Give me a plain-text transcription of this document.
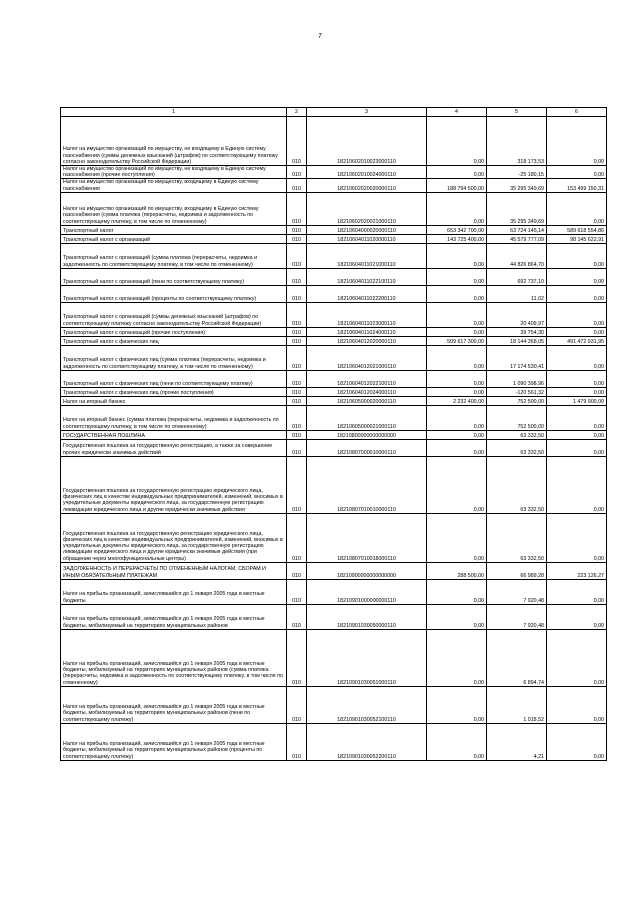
7
1	2	3	4	5	6
Налог на имущество организаций по имуществу, не входящему в Единую систему газоснабжения (суммы денежных взысканий (штрафов) по соответствующему платежу согласно законодательству Российской Федерации)	010	18210602010023000110	0,00	318 173,53	0,00
Налог на имущество организаций по имуществу, не входящему в Единую систему газоснабжения (прочие поступления)	010	18210602010024000110	0,00	-25 180,15	0,00
Налог на имущество организаций по имуществу, входящему в Единую систему газоснабжения	010	18210602020020000110	188 794 500,00	35 295 349,69	153 499 150,31
Налог на имущество организаций по имуществу, входящему в Единую систему газоснабжения (сумма платежа (перерасчеты, недоимка и задолженность по соответствующему платежу, в том числе по отмененному)	010	18210602020021000110	0,00	35 295 349,69	0,00
Транспортный налог	010	18210604000020000110	653 342 700,00	63 724 145,14	589 618 554,86
Транспортный налог с организаций	010	18210604011020000110	143 725 400,00	45 579 777,09	98 145 622,91
Транспортный налог с организаций (сумма платежа (перерасчеты, недоимка и задолженность по соответствующему платежу, в том числе по отмененному)	010	18210604011021000110	0,00	44 826 864,70	0,00
Транспортный налог с организаций (пени по соответствующему платежу)	010	18210604011022100110	0,00	692 737,10	0,00
Транспортный налог с организаций (проценты по соответствующему платежу)	010	18210604011022200110	0,00	11,02	0,00
Транспортный налог с организаций (суммы денежных взысканий (штрафов) по соответствующему платежу согласно законодательству Российской Федерации)	010	18210604011023000110	0,00	20 409,97	0,00
Транспортный налог с организаций (прочие поступления)	010	18210604011024000110	0,00	39 754,30	0,00
Транспортный налог с физических лиц	010	18210604012020000110	509 617 300,00	18 144 368,05	491 472 931,95
Транспортный налог с физических лиц (сумма платежа (перерасчеты, недоимка и задолженность по соответствующему платежу, в том числе по отмененному)	010	18210604012021000110	0,00	17 174 530,41	0,00
Транспортный налог с физических лиц (пени по соответствующему платежу)	010	18210604012022100110	0,00	1 090 398,96	0,00
Транспортный налог с физических лиц (прочие поступления)	010	18210604012024000110	0,00	-120 561,32	0,00
Налог на игорный бизнес	010	18210605000020000110	2 232 400,00	752 500,00	1 479 900,00
Налог на игорный бизнес (сумма платежа (перерасчеты, недоимка и задолженность по соответствующему платежу, в том числе по отмененному)	010	18210605000021000110	0,00	752 500,00	0,00
ГОСУДАРСТВЕННАЯ ПОШЛИНА	010	18210800000000000000	0,00	63 332,50	0,00
Государственная пошлина за государственную регистрацию, а также за совершение прочих юридически значимых действий	010	18210807000010000110	0,00	63 332,50	0,00
Государственная пошлина за государственную регистрацию юридического лица, физических лиц в качестве индивидуальных предпринимателей, изменений, вносимых в учредительные документы юридического лица, за государственную регистрацию ликвидации юридического лица и другие юридически значимые действия	010	18210807010010000110	0,00	63 332,50	0,00
Государственная пошлина за государственную регистрацию юридического лица, физических лиц в качестве индивидуальных предпринимателей, изменений, вносимых в учредительные документы юридического лица, за государственную регистрацию ликвидации юридического лица и другие юридически значимые действия (при обращении через многофункциональные центры)	010	18210807010018000110	0,00	63 332,50	0,00
ЗАДОЛЖЕННОСТЬ И ПЕРЕРАСЧЕТЫ ПО ОТМЕНЕННЫМ НАЛОГАМ, СБОРАМ И ИНЫМ ОБЯЗАТЕЛЬНЫМ ПЛАТЕЖАМ	010	18210900000000000000	288 500,00	66 989,28	223 126,27
Налог на прибыль организаций, зачислявшийся до 1 января 2005 года в местные бюджеты	010	18210901000000000110	0,00	7 920,48	0,00
Налог на прибыль организаций, зачислявшийся до 1 января 2005 года в местные бюджеты, мобилизуемый на территориях муниципальных районов	010	18210901030050000110	0,00	7 920,48	0,00
Налог на прибыль организаций, зачислявшийся до 1 января 2005 года в местные бюджеты, мобилизуемый на территориях муниципальных районов (сумма платежа (перерасчеты, недоимка и задолженность по соответствующему платежу, в том числе по отмененному)	010	18210901030051000110	0,00	6 894,74	0,00
Налог на прибыль организаций, зачислявшийся до 1 января 2005 года в местные бюджеты, мобилизуемый на территориях муниципальных районов (пени по соответствующему платежу)	010	18210901030052100110	0,00	1 018,52	0,00
Налог на прибыль организаций, зачислявшийся до 1 января 2005 года в местные бюджеты, мобилизуемый на территориях муниципальных районов (проценты по соответствующему платежу)	010	18210901030052200110	0,00	4,21	0,00
